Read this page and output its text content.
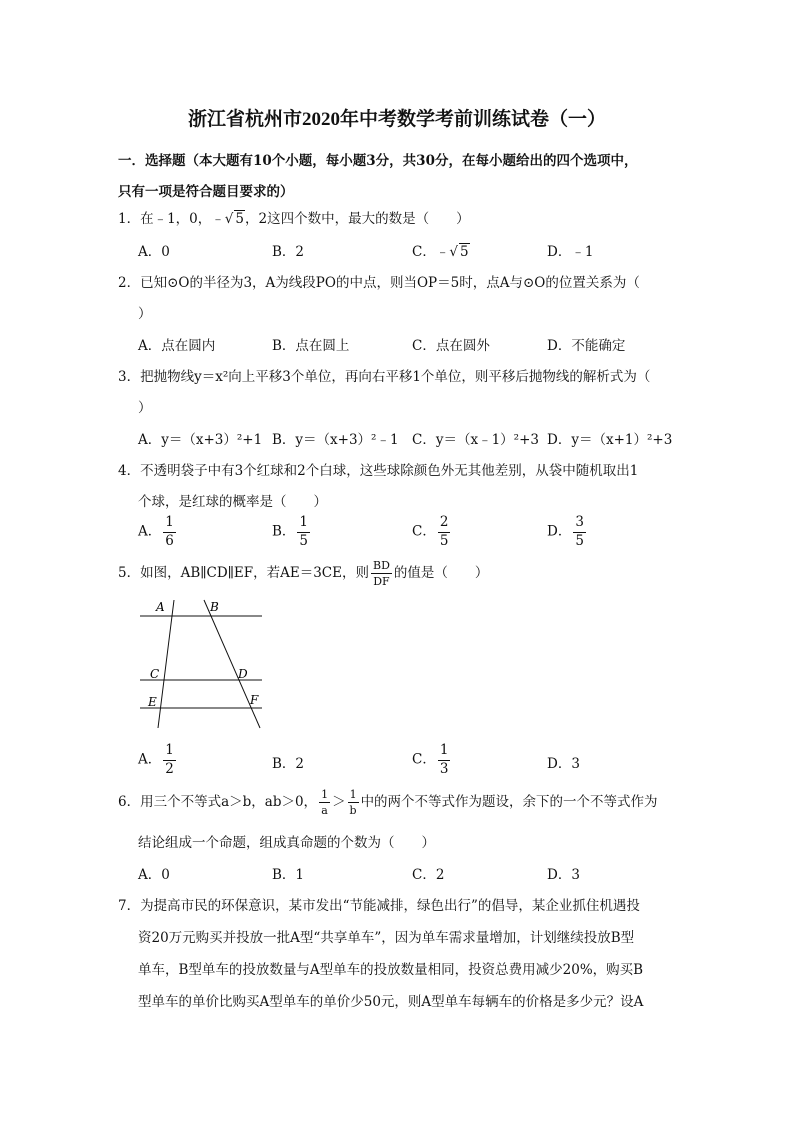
浙江省杭州市2020年中考数学考前训练试卷（一）
一．选择题（本大题有10个小题，每小题3分，共30分，在每小题给出的四个选项中，
只有一项是符合题目要求的）
1．在﹣1，0，﹣√ 5，2这四个数中，最大的数是（　　）
A．0	B．2	C．﹣√ 5	D．﹣1
2．已知⊙O的半径为3，A为线段PO的中点，则当OP＝5时，点A与⊙O的位置关系为（
）
A．点在圆内	B．点在圆上	C．点在圆外	D．不能确定
3．把抛物线y＝x²向上平移3个单位，再向右平移1个单位，则平移后抛物线的解析式为（
）
A．y＝（x+3）²+1 B．y＝（x+3）²﹣1 C．y＝（x﹣1）²+3 D．y＝（x+1）²+3
4．不透明袋子中有3个红球和2个白球，这些球除颜色外无其他差别，从袋中随机取出1
个球，是红球的概率是（　　）
A． $\frac{1}{6}$	B． $\frac{1}{5}$	C． $\frac{2}{5}$	D． $\frac{3}{5}$
5．如图，AB∥CD∥EF，若AE＝3CE，则 $\frac{BD}{DF}$ 的值是（　　）
A	B
C	D
E	F
A． $\frac{1}{2}$	B．2	C． $\frac{1}{3}$	D．3
6．用三个不等式a＞b，ab＞0， $\frac{1}{a} > \frac{1}{b}$ 中的两个不等式作为题设，余下的一个不等式作为
结论组成一个命题，组成真命题的个数为（　　）
A．0	B．1	C．2	D．3
7．为提高市民的环保意识，某市发出“节能减排，绿色出行”的倡导，某企业抓住机遇投
资20万元购买并投放一批A型“共享单车”，因为单车需求量增加，计划继续投放B型
单车，B型单车的投放数量与A型单车的投放数量相同，投资总费用减少20%，购买B
型单车的单价比购买A型单车的单价少50元，则A型单车每辆车的价格是多少元？设A
